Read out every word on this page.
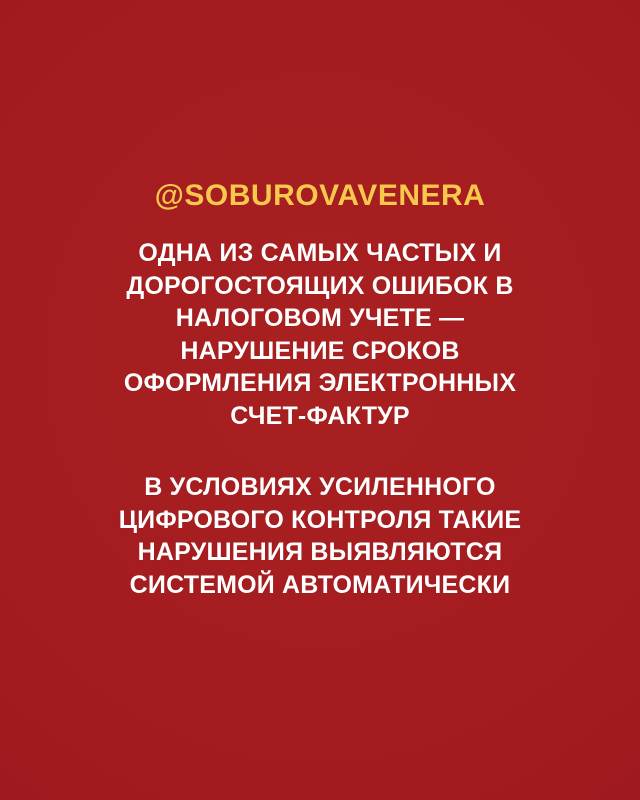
@SOBUROVAVENERA
ОДНА ИЗ САМЫХ ЧАСТЫХ И
ДОРОГОСТОЯЩИХ ОШИБОК В
НАЛОГОВОМ УЧЕТЕ —
НАРУШЕНИЕ СРОКОВ
ОФОРМЛЕНИЯ ЭЛЕКТРОННЫХ
СЧЕТ-ФАКТУР
В УСЛОВИЯХ УСИЛЕННОГО
ЦИФРОВОГО КОНТРОЛЯ ТАКИЕ
НАРУШЕНИЯ ВЫЯВЛЯЮТСЯ
СИСТЕМОЙ АВТОМАТИЧЕСКИ
